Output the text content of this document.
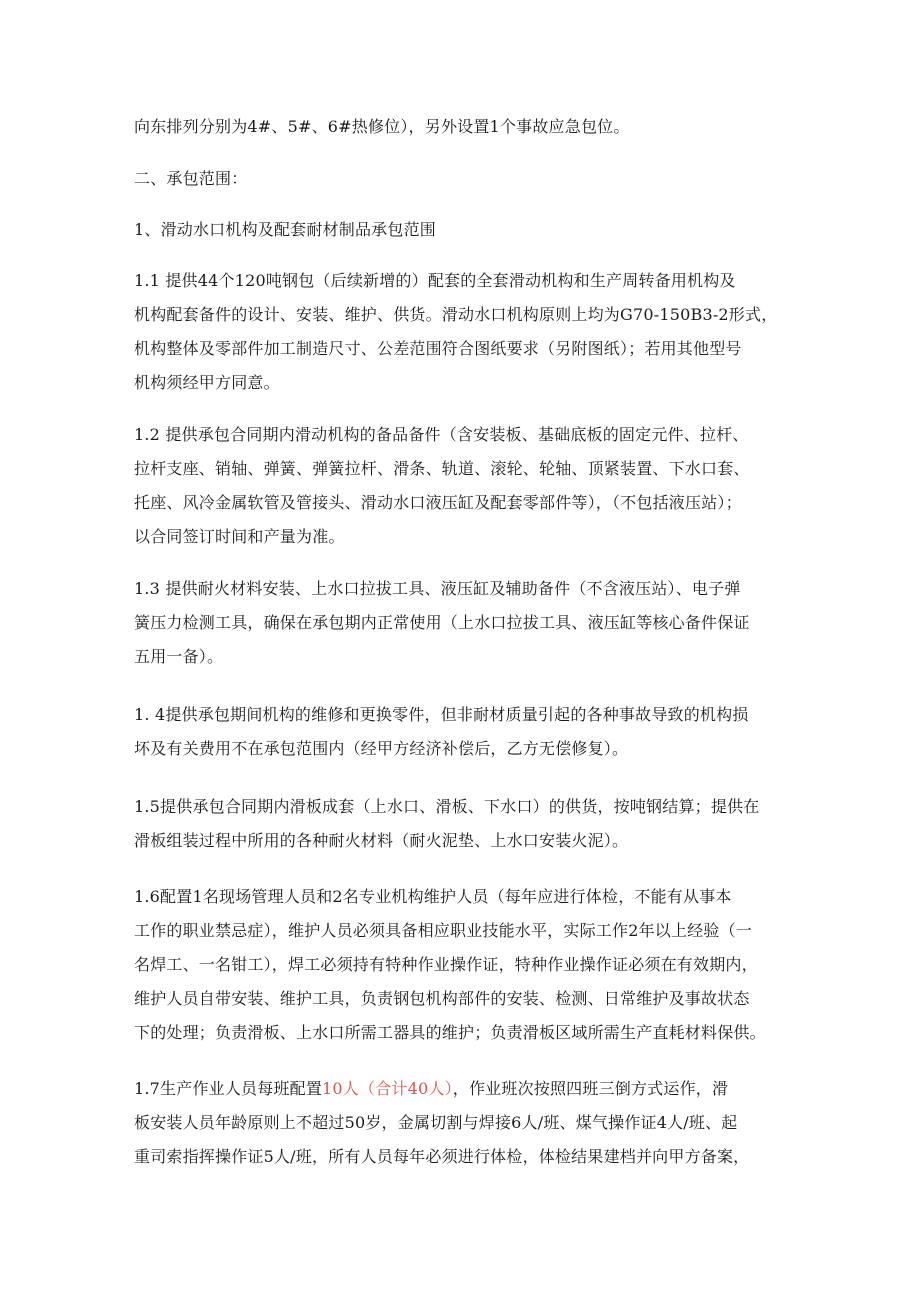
向东排列分别为4#、5#、6#热修位），另外设置1个事故应急包位。
二、承包范围：
1、滑动水口机构及配套耐材制品承包范围
1.1 提供44个120吨钢包（后续新增的）配套的全套滑动机构和生产周转备用机构及
机构配套备件的设计、安装、维护、供货。滑动水口机构原则上均为G70-150B3-2形式，
机构整体及零部件加工制造尺寸、公差范围符合图纸要求（另附图纸）；若用其他型号
机构须经甲方同意。
1.2 提供承包合同期内滑动机构的备品备件（含安装板、基础底板的固定元件、拉杆、
拉杆支座、销轴、弹簧、弹簧拉杆、滑条、轨道、滚轮、轮轴、顶紧装置、下水口套、
托座、风冷金属软管及管接头、滑动水口液压缸及配套零部件等），（不包括液压站）；
以合同签订时间和产量为准。
1.3 提供耐火材料安装、上水口拉拔工具、液压缸及辅助备件（不含液压站）、电子弹
簧压力检测工具，确保在承包期内正常使用（上水口拉拔工具、液压缸等核心备件保证
五用一备）。
1. 4提供承包期间机构的维修和更换零件，但非耐材质量引起的各种事故导致的机构损
坏及有关费用不在承包范围内（经甲方经济补偿后，乙方无偿修复）。
1.5提供承包合同期内滑板成套（上水口、滑板、下水口）的供货，按吨钢结算；提供在
滑板组装过程中所用的各种耐火材料（耐火泥垫、上水口安装火泥）。
1.6配置1名现场管理人员和2名专业机构维护人员（每年应进行体检，不能有从事本
工作的职业禁忌症），维护人员必须具备相应职业技能水平，实际工作2年以上经验（一
名焊工、一名钳工），焊工必须持有特种作业操作证，特种作业操作证必须在有效期内，
维护人员自带安装、维护工具，负责钢包机构部件的安装、检测、日常维护及事故状态
下的处理；负责滑板、上水口所需工器具的维护；负责滑板区域所需生产直耗材料保供。
1.7生产作业人员每班配置10人（合计40人），作业班次按照四班三倒方式运作，滑
板安装人员年龄原则上不超过50岁，金属切割与焊接6人/班、煤气操作证4人/班、起
重司索指挥操作证5人/班，所有人员每年必须进行体检，体检结果建档并向甲方备案，
